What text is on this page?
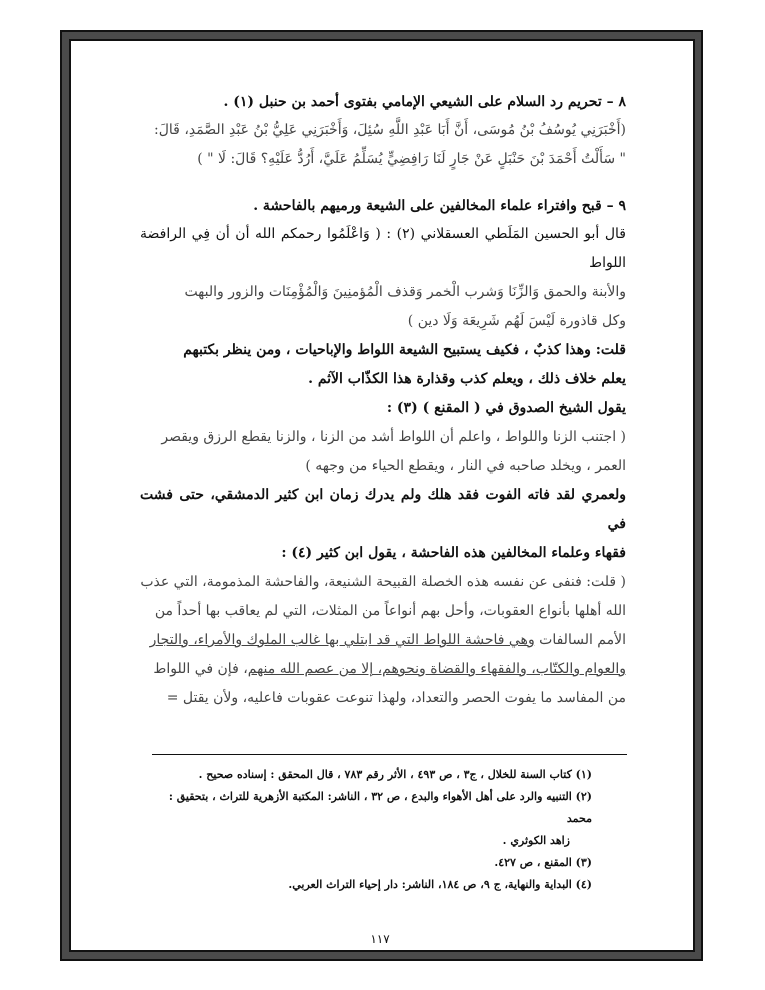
٨ – تحريم رد السلام على الشيعي الإمامي بفتوى أحمد بن حنبل (١) .

(أَخْبَرَنِي يُوسُفُ بْنُ مُوسَى، أَنَّ أَبَا عَبْدِ اللَّهِ سُئِلَ، وَأَخْبَرَنِي عَلِيُّ بْنُ عَبْدِ الصَّمَدِ، قَالَ:

" سَأَلْتُ أَحْمَدَ بْنَ حَنْبَلٍ عَنْ جَارٍ لَنَا رَافِضِيٍّ يُسَلِّمُ عَلَيَّ، أَرُدُّ عَلَيْهِ؟ قَالَ: لَا " )

٩ – قبح وافتراء علماء المخالفين على الشيعة ورميهم بالفاحشة .

قال أبو الحسين المَلَطي العسقلاني (٢) : ( وَاعْلَمُوا رحمكم الله أن أن فِي الرافضة اللواط

والأبنة والحمق وَالزِّنَا وَشرب الْخمر وَقذف الْمُؤمنِينَ وَالْمُؤْمِنَات والزور والبهت

وكل قاذورة لَيْسَ لَهُم شَرِيعَة وَلَا دين )

قلت: وهذا كذبٌ ، فكيف يستبيح الشيعة اللواط والإباحيات ، ومن ينظر بكتبهم

يعلم خلاف ذلك ، ويعلم كذب وقذارة هذا الكذّاب الآثم .

يقول الشيخ الصدوق في ( المقنع ) (٣) :

( اجتنب الزنا واللواط ، واعلم أن اللواط أشد من الزنا ، والزنا يقطع الرزق ويقصر

العمر ، ويخلد صاحبه في النار ، ويقطع الحياء من وجهه )

ولعمري لقد فاته الفوت فقد هلك ولم يدرك زمان ابن كثير الدمشقي، حتى فشت في

فقهاء وعلماء المخالفين هذه الفاحشة ، يقول ابن كثير (٤) :

( قلت: فنفى عن نفسه هذه الخصلة القبيحة الشنيعة، والفاحشة المذمومة، التي عذب

الله أهلها بأنواع العقوبات، وأحل بهم أنواعاً من المثلات، التي لم يعاقب بها أحداً من

الأمم السالفات وهي فاحشة اللواط التي قد ابتلي بها غالب الملوك والأمراء، والتجار

والعوام والكتّاب، والفقهاء والقضاة ونحوهم، إلا من عصم الله منهم، فإن في اللواط

من المفاسد ما يفوت الحصر والتعداد، ولهذا تنوعت عقوبات فاعليه، ولأن يقتل =

(١) كتاب السنة للخلال ، ج٣ ، ص ٤٩٣ ، الأثر رقم ٧٨٣ ، قال المحقق : إسناده صحيح .

(٢) التنبيه والرد على أهل الأهواء والبدع ، ص ٣٢ ، الناشر: المكتبة الأزهرية للتراث ، بتحقيق : محمد

زاهد الكوثري .

(٣) المقنع ، ص ٤٢٧.

(٤) البداية والنهاية، ج ٩، ص ١٨٤، الناشر: دار إحياء التراث العربي.

١١٧
